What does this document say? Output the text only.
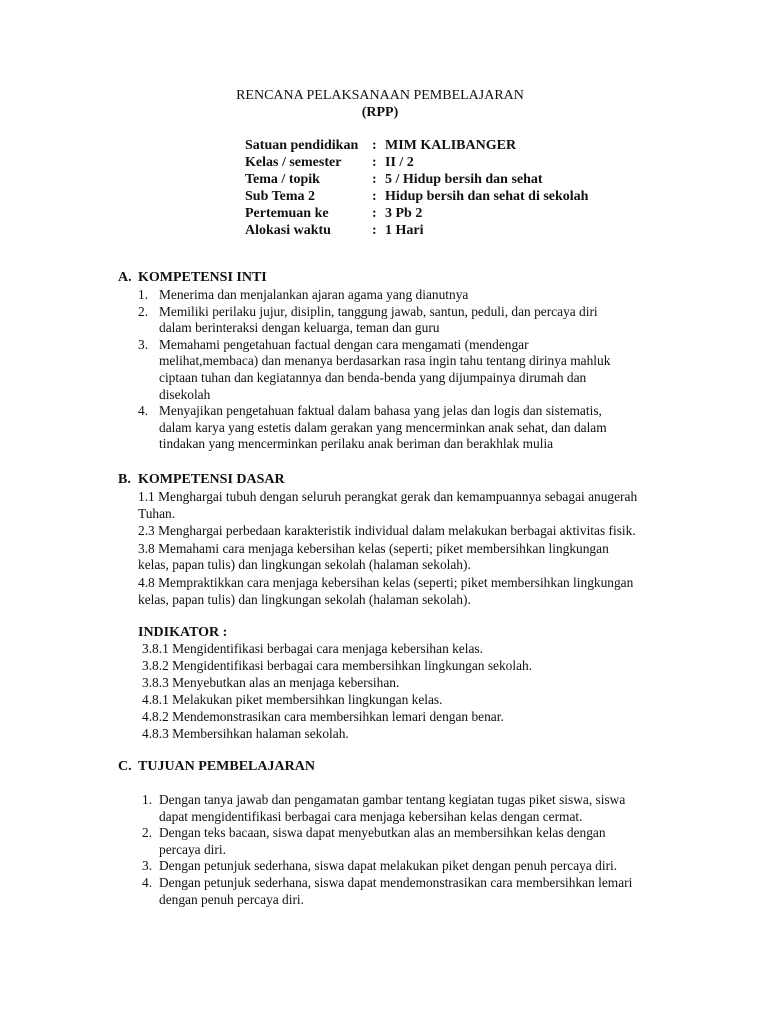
RENCANA PELAKSANAAN PEMBELAJARAN
(RPP)
Satuan pendidikan : MIM KALIBANGER
Kelas / semester : II / 2
Tema / topik	: 5 / Hidup bersih dan sehat
Sub Tema 2	: Hidup bersih dan sehat di sekolah
Pertemuan ke	: 3 Pb 2
Alokasi waktu	: 1 Hari
A. KOMPETENSI INTI
1. Menerima dan menjalankan ajaran agama yang dianutnya
2. Memiliki perilaku jujur, disiplin, tanggung jawab, santun, peduli, dan percaya diri dalam berinteraksi dengan keluarga, teman dan guru
3. Memahami pengetahuan factual dengan cara mengamati (mendengar melihat,membaca) dan menanya berdasarkan rasa ingin tahu tentang dirinya mahluk ciptaan tuhan dan kegiatannya dan benda-benda yang dijumpainya dirumah dan disekolah
4. Menyajikan pengetahuan faktual dalam bahasa yang jelas dan logis dan sistematis, dalam karya yang estetis dalam gerakan yang mencerminkan anak sehat, dan dalam tindakan yang mencerminkan perilaku anak beriman dan berakhlak mulia
B. KOMPETENSI DASAR
1.1 Menghargai tubuh dengan seluruh perangkat gerak dan kemampuannya sebagai anugerah Tuhan.
2.3 Menghargai perbedaan karakteristik individual dalam melakukan berbagai aktivitas fisik.
3.8 Memahami cara menjaga kebersihan kelas (seperti; piket membersihkan lingkungan kelas, papan tulis) dan lingkungan sekolah (halaman sekolah).
4.8 Mempraktikkan cara menjaga kebersihan kelas (seperti; piket membersihkan lingkungan kelas, papan tulis) dan lingkungan sekolah (halaman sekolah).
INDIKATOR :
3.8.1 Mengidentifikasi berbagai cara menjaga kebersihan kelas.
3.8.2 Mengidentifikasi berbagai cara membersihkan lingkungan sekolah.
3.8.3 Menyebutkan alas an menjaga kebersihan.
4.8.1 Melakukan piket membersihkan lingkungan kelas.
4.8.2 Mendemonstrasikan cara membersihkan lemari dengan benar.
4.8.3 Membersihkan halaman sekolah.
C. TUJUAN PEMBELAJARAN
1. Dengan tanya jawab dan pengamatan gambar tentang kegiatan tugas piket siswa, siswa dapat mengidentifikasi berbagai cara menjaga kebersihan kelas dengan cermat.
2. Dengan teks bacaan, siswa dapat menyebutkan alas an membersihkan kelas dengan percaya diri.
3. Dengan petunjuk sederhana, siswa dapat melakukan piket dengan penuh percaya diri.
4. Dengan petunjuk sederhana, siswa dapat mendemonstrasikan cara membersihkan lemari dengan penuh percaya diri.
